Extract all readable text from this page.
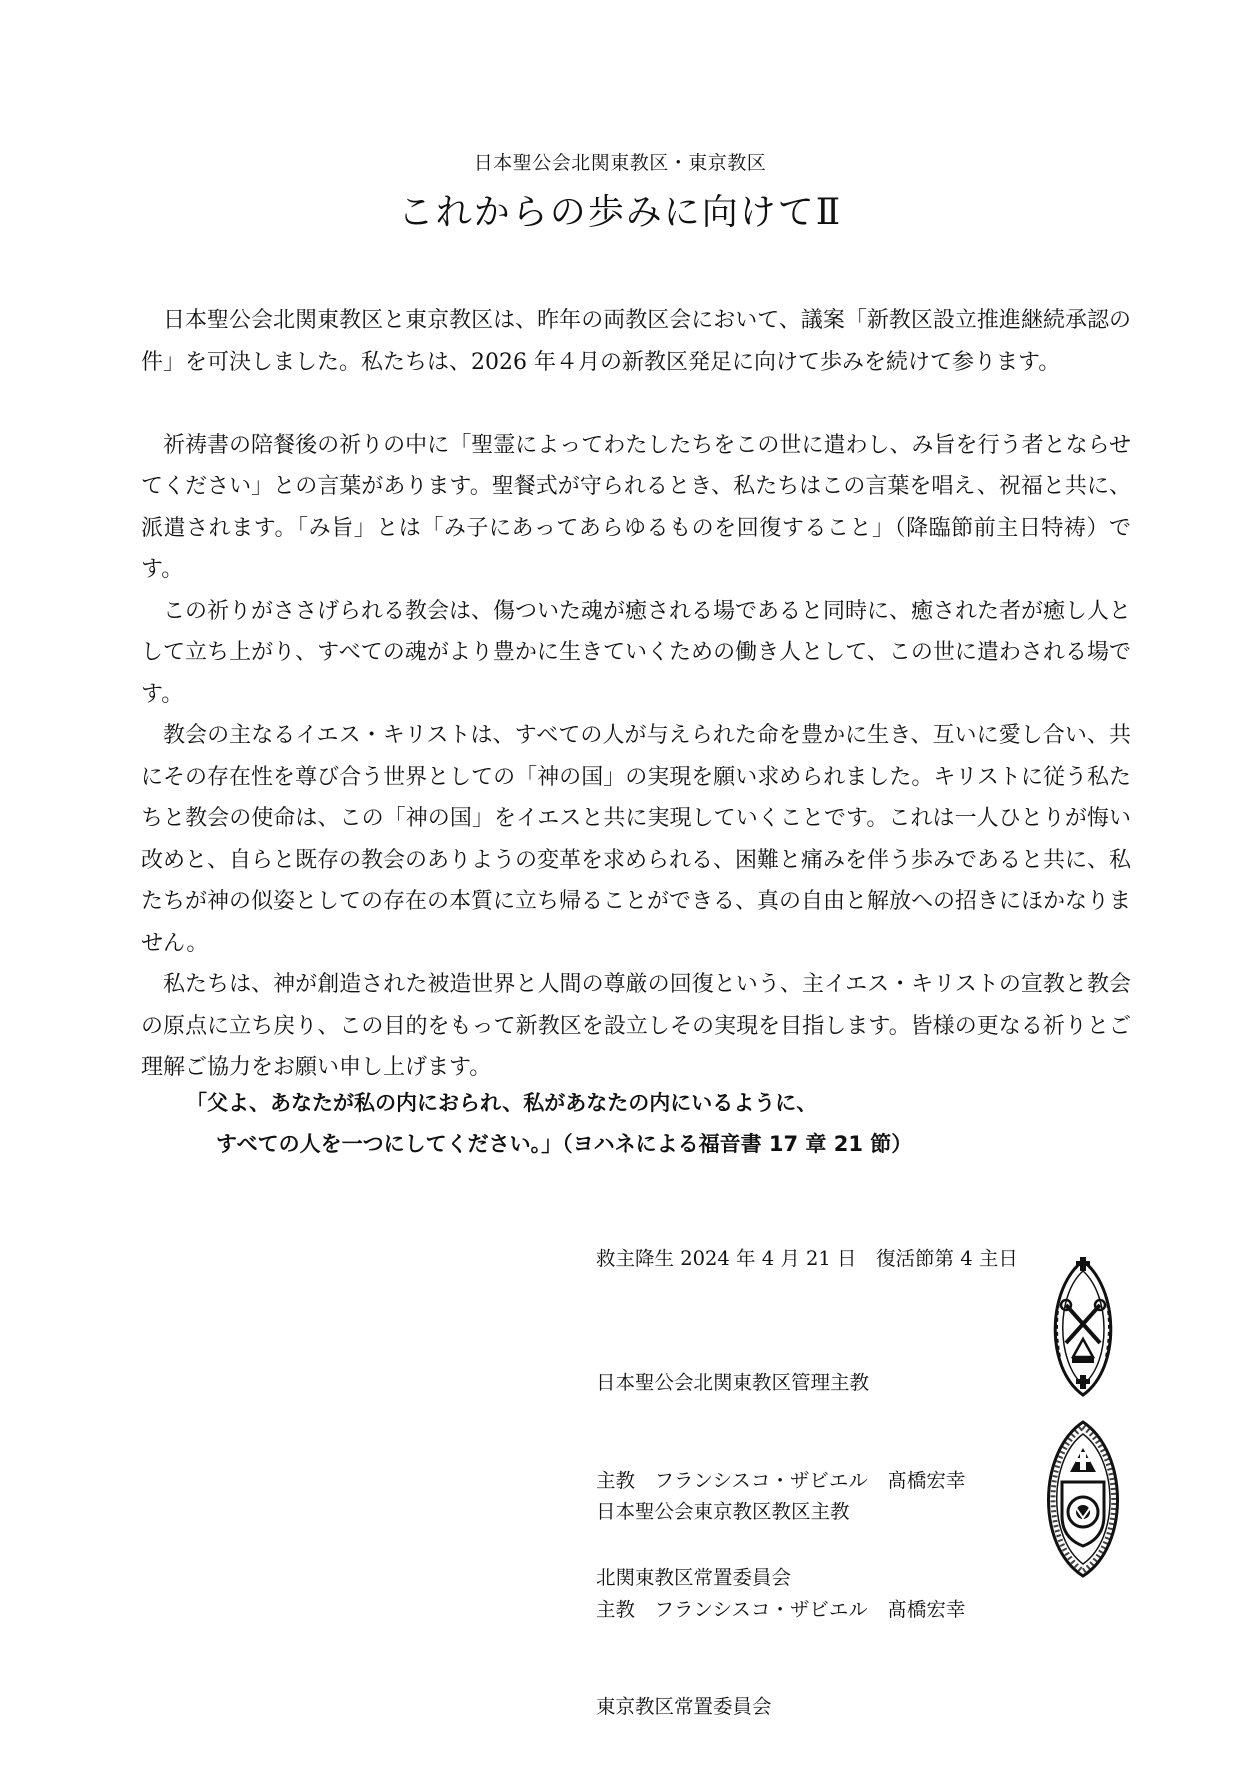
日本聖公会北関東教区・東京教区
これからの歩みに向けてⅡ

日本聖公会北関東教区と東京教区は、昨年の両教区会において、議案「新教区設立推進継続承認の件」を可決しました。私たちは、2026 年４月の新教区発足に向けて歩みを続けて参ります。

祈祷書の陪餐後の祈りの中に「聖霊によってわたしたちをこの世に遣わし、み旨を行う者とならせてください」との言葉があります。聖餐式が守られるとき、私たちはこの言葉を唱え、祝福と共に、派遣されます。「み旨」とは「み子にあってあらゆるものを回復すること」（降臨節前主日特祷）です。

この祈りがささげられる教会は、傷ついた魂が癒される場であると同時に、癒された者が癒し人として立ち上がり、すべての魂がより豊かに生きていくための働き人として、この世に遣わされる場です。

教会の主なるイエス・キリストは、すべての人が与えられた命を豊かに生き、互いに愛し合い、共にその存在性を尊び合う世界としての「神の国」の実現を願い求められました。キリストに従う私たちと教会の使命は、この「神の国」をイエスと共に実現していくことです。これは一人ひとりが悔い改めと、自らと既存の教会のありようの変革を求められる、困難と痛みを伴う歩みであると共に、私たちが神の似姿としての存在の本質に立ち帰ることができる、真の自由と解放への招きにほかなりません。

私たちは、神が創造された被造世界と人間の尊厳の回復という、主イエス・キリストの宣教と教会の原点に立ち戻り、この目的をもって新教区を設立しその実現を目指します。皆様の更なる祈りとご理解ご協力をお願い申し上げます。

「父よ、あなたが私の内におられ、私があなたの内にいるように、
すべての人を一つにしてください。」（ヨハネによる福音書 17 章 21 節）
救主降生 2024 年 4 月 21 日　復活節第 4 主日

日本聖公会北関東教区管理主教

主教　フランシスコ・ザビエル　髙橋宏幸

北関東教区常置委員会

日本聖公会東京教区教区主教

主教　フランシスコ・ザビエル　髙橋宏幸

東京教区常置委員会
